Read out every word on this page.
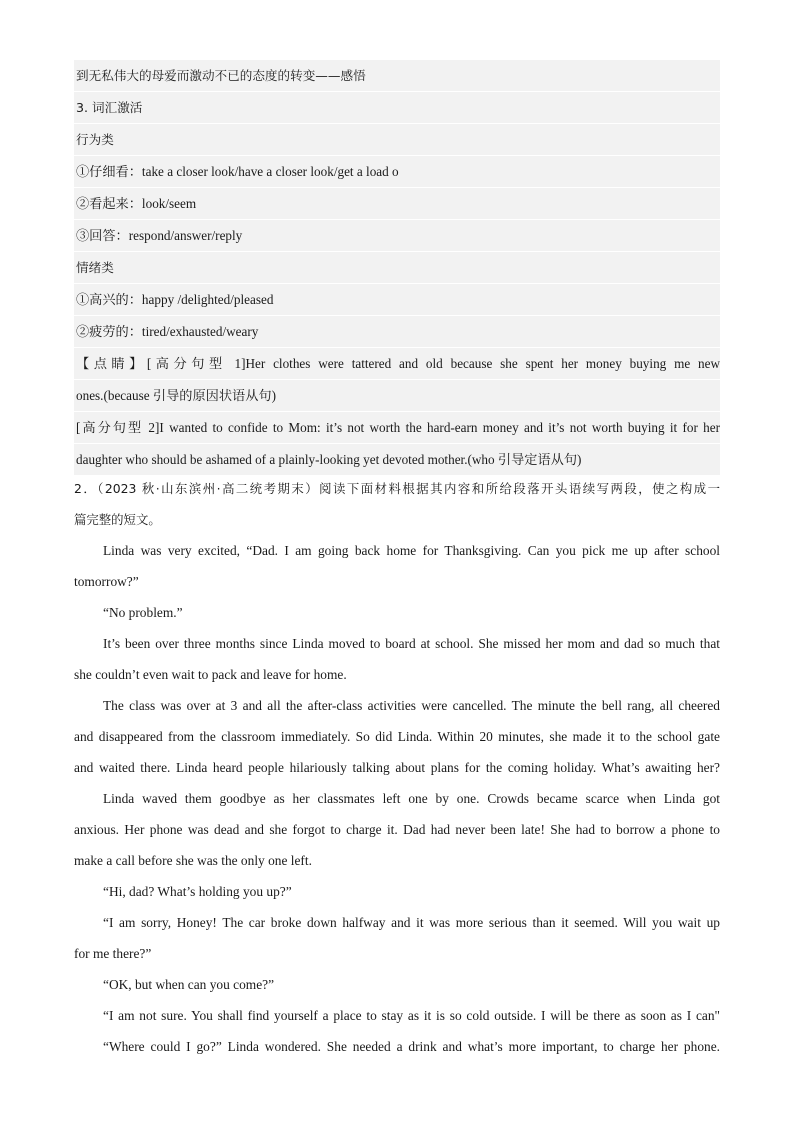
到无私伟大的母爱而激动不已的态度的转变——感悟
3. 词汇激活
行为类
①仔细看：take a closer look/have a closer look/get a load o
②看起来：look/seem
③回答：respond/answer/reply
情绪类
①高兴的：happy /delighted/pleased
②疲劳的：tired/exhausted/weary
【点睛】[高分句型 1]Her clothes were tattered and old because she spent her money buying me new
ones.(because 引导的原因状语从句)
[高分句型 2]I wanted to confide to Mom: it’s not worth the hard-earn money and it’s not worth buying it for her
daughter who should be ashamed of a plainly-looking yet devoted mother.(who 引导定语从句)
2．（2023 秋·山东滨州·高二统考期末）阅读下面材料根据其内容和所给段落开头语续写两段，使之构成一
篇完整的短文。
Linda was very excited, “Dad. I am going back home for Thanksgiving. Can you pick me up after school
tomorrow?”
“No problem.”
It’s been over three months since Linda moved to board at school. She missed her mom and dad so much that
she couldn’t even wait to pack and leave for home.
The class was over at 3 and all the after-class activities were cancelled. The minute the bell rang, all cheered
and disappeared from the classroom immediately. So did Linda. Within 20 minutes, she made it to the school gate
and waited there. Linda heard people hilariously talking about plans for the coming holiday. What’s awaiting her?
Linda waved them goodbye as her classmates left one by one. Crowds became scarce when Linda got
anxious. Her phone was dead and she forgot to charge it. Dad had never been late! She had to borrow a phone to
make a call before she was the only one left.
“Hi, dad? What’s holding you up?”
“I am sorry, Honey! The car broke down halfway and it was more serious than it seemed. Will you wait up
for me there?”
“OK, but when can you come?”
“I am not sure. You shall find yourself a place to stay as it is so cold outside. I will be there as soon as I can"
“Where could I go?” Linda wondered. She needed a drink and what’s more important, to charge her phone.
